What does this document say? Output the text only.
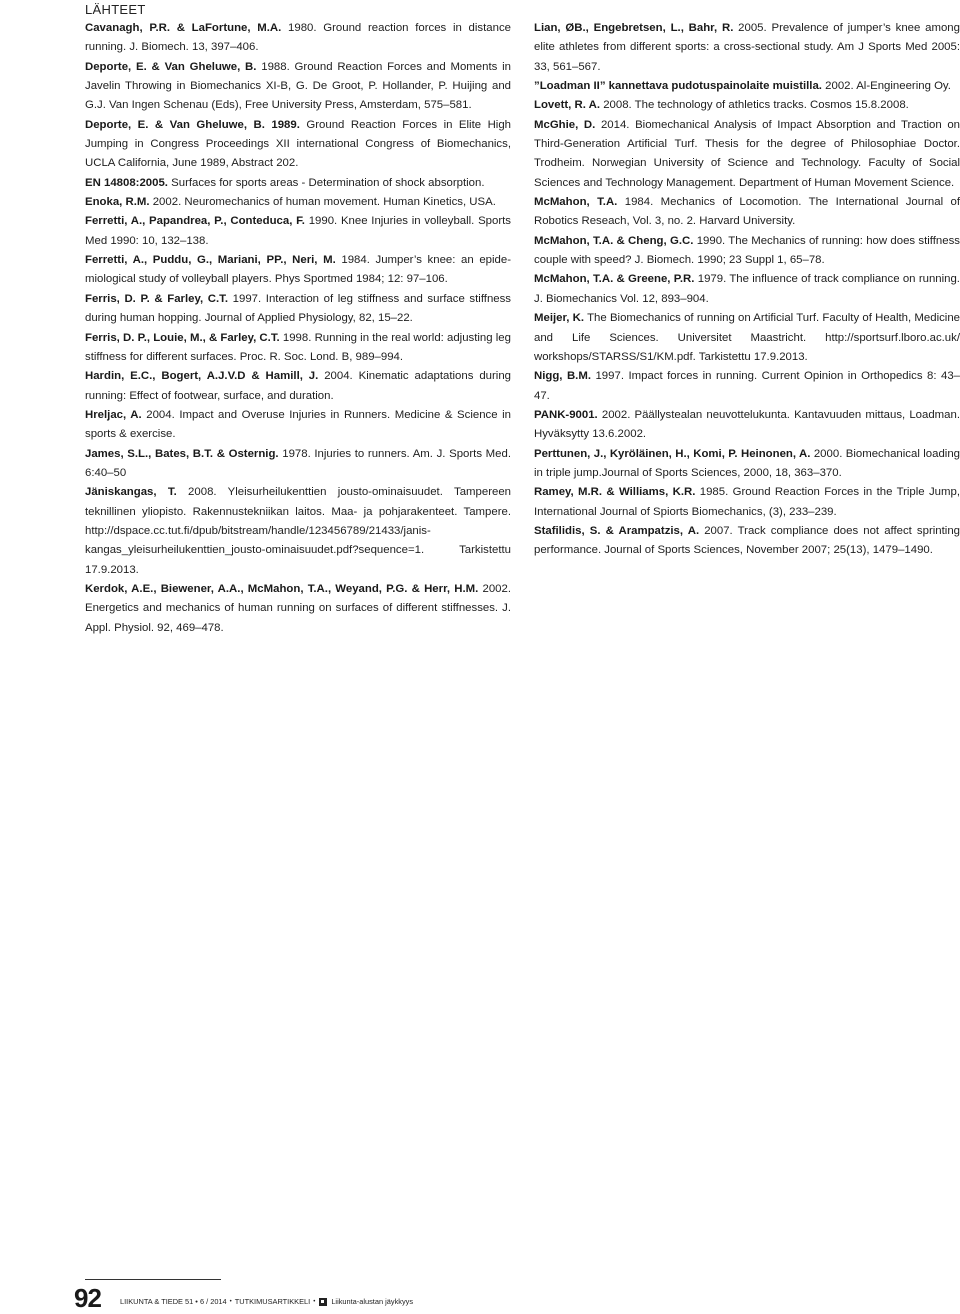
LÄHTEET

Cavanagh, P.R. & LaFortune, M.A. 1980. Ground reaction forces in distance running. J. Biomech. 13, 397–406.

Deporte, E. & Van Gheluwe, B. 1988. Ground Reaction Forces and Moments in Javelin Throwing in Biomechanics XI-B, G. De Groot, P. Hollander, P. Huijing and G.J. Van Ingen Schenau (Eds), Free University Press, Amsterdam, 575–581.

Deporte, E. & Van Gheluwe, B. 1989. Ground Reaction Forces in Elite High Jumping in Congress Proceedings XII international Congress of Biomechanics, UCLA California, June 1989, Abstract 202.

EN 14808:2005. Surfaces for sports areas - Determination of shock absorption.

Enoka, R.M. 2002. Neuromechanics of human movement. Human Kinetics, USA.

Ferretti, A., Papandrea, P., Conteduca, F. 1990. Knee Injuries in volleyball. Sports Med 1990: 10, 132–138.

Ferretti, A., Puddu, G., Mariani, PP., Neri, M. 1984. Jumper’s knee: an epidemiological study of volleyball players. Phys Sportmed 1984; 12: 97–106.

Ferris, D. P. & Farley, C.T. 1997. Interaction of leg stiffness and surface stiffness during human hopping. Journal of Applied Physiology, 82, 15–22.

Ferris, D. P., Louie, M., & Farley, C.T. 1998. Running in the real world: adjusting leg stiffness for different surfaces. Proc. R. Soc. Lond. B, 989–994.

Hardin, E.C., Bogert, A.J.V.D & Hamill, J. 2004. Kinematic adaptations during running: Effect of footwear, surface, and duration.

Hreljac, A. 2004. Impact and Overuse Injuries in Runners. Medicine & Science in sports & exercise.

James, S.L., Bates, B.T. & Osternig. 1978. Injuries to runners. Am. J. Sports Med. 6:40–50

Jäniskangas, T. 2008. Yleisurheilukenttien jousto-ominaisuudet. Tampereen teknillinen yliopisto. Rakennustekniikan laitos. Maa- ja pohjarakenteet. Tampere. http://dspace.cc.tut.fi/dpub/bitstream/handle/123456789/21433/janiskangas_yleisurheilukenttien_jousto-ominaisuudet.pdf?sequence=1. Tarkistettu 17.9.2013.

Kerdok, A.E., Biewener, A.A., McMahon, T.A., Weyand, P.G. & Herr, H.M. 2002. Energetics and mechanics of human running on surfaces of different stiffnesses. J. Appl. Physiol. 92, 469–478.

Lian, ØB., Engebretsen, L., Bahr, R. 2005. Prevalence of jumper’s knee among elite athletes from different sports: a cross-sectional study. Am J Sports Med 2005: 33, 561–567.

”Loadman II” kannettava pudotuspainolaite muistilla. 2002. Al-Engineering Oy.

Lovett, R. A. 2008. The technology of athletics tracks. Cosmos 15.8.2008.

McGhie, D. 2014. Biomechanical Analysis of Impact Absorption and Traction on Third-Generation Artificial Turf. Thesis for the degree of Philosophiae Doctor. Trodheim. Norwegian University of Science and Technology. Faculty of Social Sciences and Technology Management. Department of Human Movement Science.

McMahon, T.A. 1984. Mechanics of Locomotion. The International Journal of Robotics Reseach, Vol. 3, no. 2. Harvard University.

McMahon, T.A. & Cheng, G.C. 1990. The Mechanics of running: how does stiffness couple with speed? J. Biomech. 1990; 23 Suppl 1, 65–78.

McMahon, T.A. & Greene, P.R. 1979. The influence of track compliance on running. J. Biomechanics Vol. 12, 893–904.

Meijer, K. The Biomechanics of running on Artificial Turf. Faculty of Health, Medicine and Life Sciences. Universitet Maastricht. http://sportsurf.lboro.ac.uk/ workshops/STARSS/S1/KM.pdf. Tarkistettu 17.9.2013.

Nigg, B.M. 1997. Impact forces in running. Current Opinion in Orthopedics 8: 43–47.

PANK-9001. 2002. Päällystealan neuvottelukunta. Kantavuuden mittaus, Loadman. Hyväksytty 13.6.2002.

Perttunen, J., Kyröläinen, H., Komi, P. Heinonen, A. 2000. Biomechanical loading in triple jump.Journal of Sports Sciences, 2000, 18, 363–370.

Ramey, M.R. & Williams, K.R. 1985. Ground Reaction Forces in the Triple Jump, International Journal of Spiorts Biomechanics, (3), 233–239.

Stafilidis, S. & Arampatzis, A. 2007. Track compliance does not affect sprinting performance. Journal of Sports Sciences, November 2007; 25(13), 1479–1490.

92	LIIKUNTA & TIEDE 51 • 6 / 2014 • TUTKIMUSARTIKKELI • Liikunta-alustan jäykkyys
